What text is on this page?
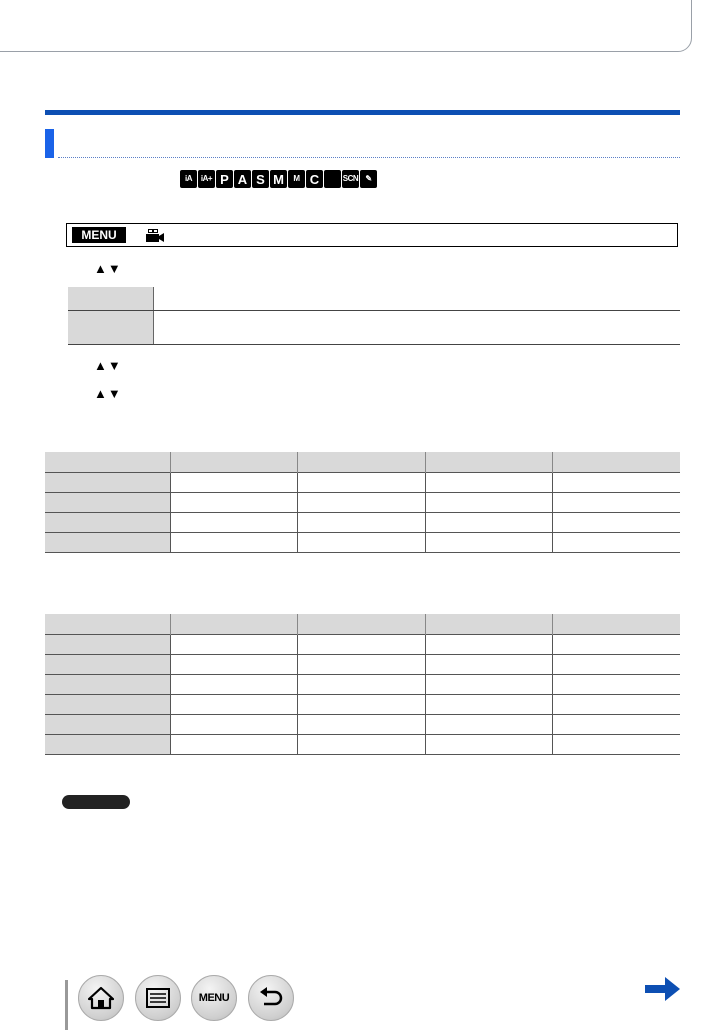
iA	iA+ P A S M	M C	SCN ✎
MENU
▲▼

▲▼
▲▼

MENU
